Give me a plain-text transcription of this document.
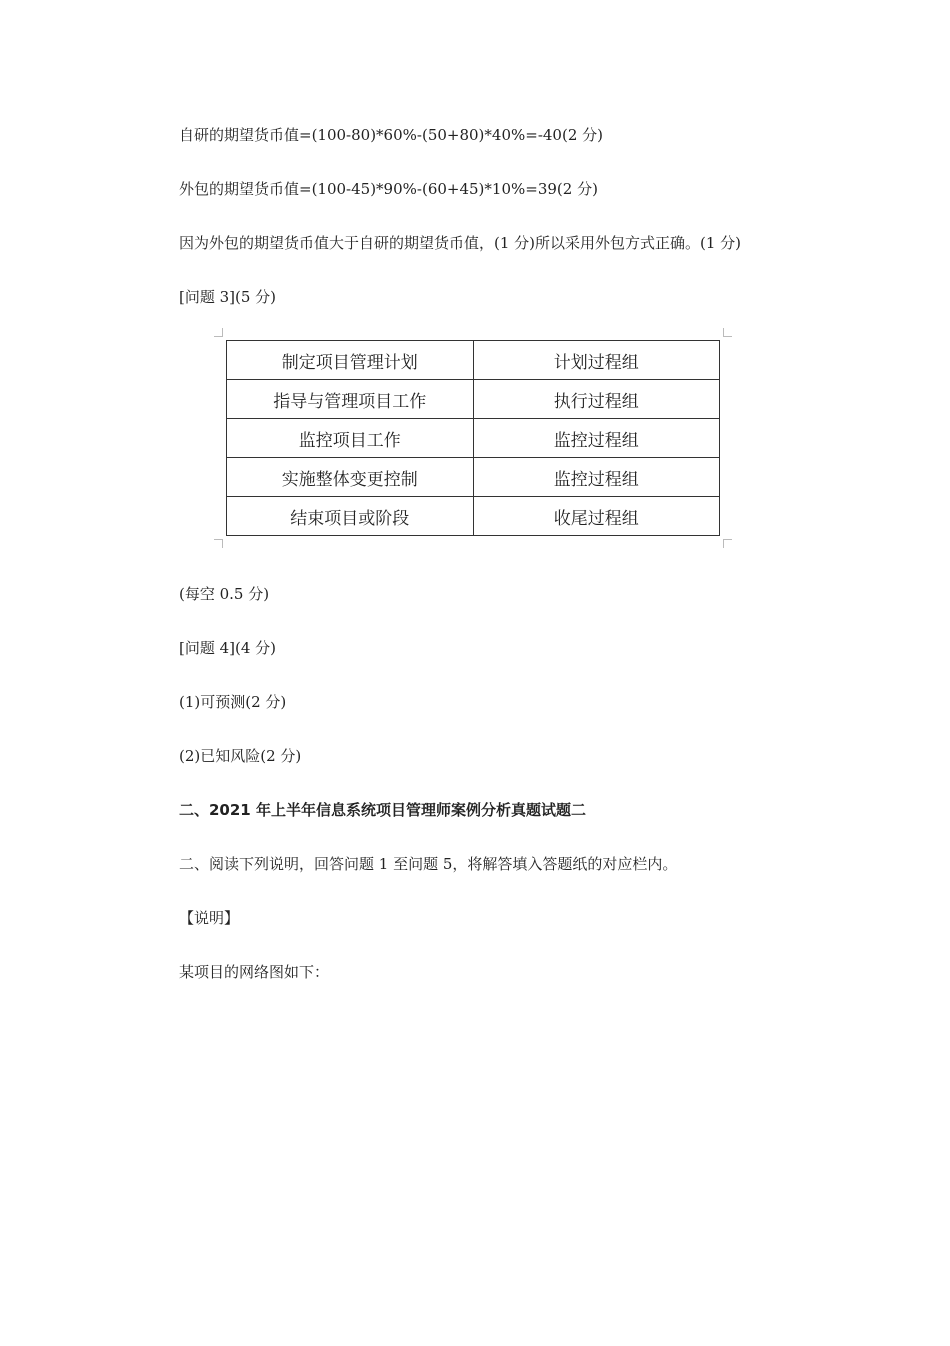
自研的期望货币值=(100-80)*60%-(50+80)*40%=-40(2 分)
外包的期望货币值=(100-45)*90%-(60+45)*10%=39(2 分)
因为外包的期望货币值大于自研的期望货币值，(1 分)所以采用外包方式正确。(1 分)
[问题 3](5 分)
制定项目管理计划	计划过程组
指导与管理项目工作	执行过程组
监控项目工作	监控过程组
实施整体变更控制	监控过程组
结束项目或阶段	收尾过程组
(每空 0.5 分)
[问题 4](4 分)
(1)可预测(2 分)
(2)已知风险(2 分)
二、2021 年上半年信息系统项目管理师案例分析真题试题二
二、阅读下列说明，回答问题 1 至问题 5，将解答填入答题纸的对应栏内。
【说明】
某项目的网络图如下：
